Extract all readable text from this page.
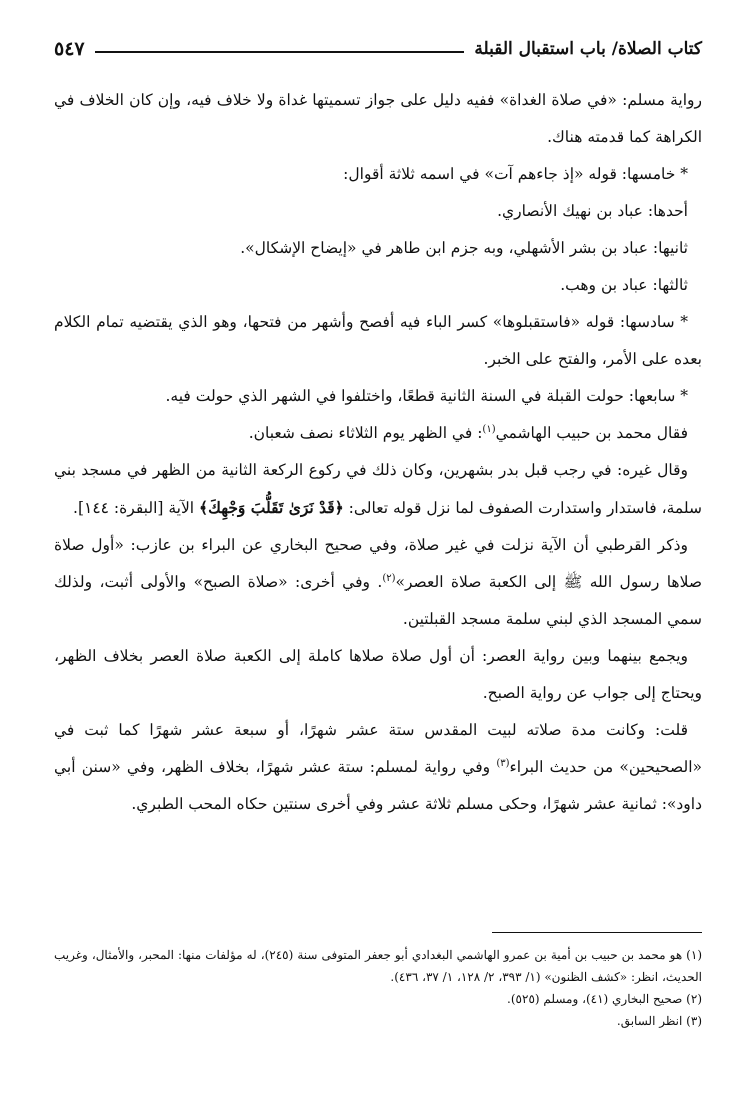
كتاب الصلاة/ باب استقبال القبلة
٥٤٧

رواية مسلم: «في صلاة الغداة» ففيه دليل على جواز تسميتها غداة ولا خلاف فيه، وإن كان الخلاف في الكراهة كما قدمته هناك.

* خامسها: قوله «إذ جاءهم آت» في اسمه ثلاثة أقوال:

أحدها: عباد بن نهيك الأنصاري.

ثانيها: عباد بن بشر الأشهلي، وبه جزم ابن طاهر في «إيضاح الإشكال».

ثالثها: عباد بن وهب.

* سادسها: قوله «فاستقبلوها» كسر الباء فيه أفصح وأشهر من فتحها، وهو الذي يقتضيه تمام الكلام بعده على الأمر، والفتح على الخبر.

* سابعها: حولت القبلة في السنة الثانية قطعًا، واختلفوا في الشهر الذي حولت فيه.

فقال محمد بن حبيب الهاشمي$^{(١)}$: في الظهر يوم الثلاثاء نصف شعبان.

وقال غيره: في رجب قبل بدر بشهرين، وكان ذلك في ركوع الركعة الثانية من الظهر في مسجد بني سلمة، فاستدار واستدارت الصفوف لما نزل قوله تعالى: ﴿قَدْ نَرَىٰ تَقَلُّبَ وَجْهِكَ﴾ الآية [البقرة: ١٤٤].

وذكر القرطبي أن الآية نزلت في غير صلاة، وفي صحيح البخاري عن البراء بن عازب: «أول صلاة صلاها رسول الله ﷺ إلى الكعبة صلاة العصر»$^{(٢)}$. وفي أخرى: «صلاة الصبح» والأولى أثبت، ولذلك سمي المسجد الذي لبني سلمة مسجد القبلتين.

ويجمع بينهما وبين رواية العصر: أن أول صلاة صلاها كاملة إلى الكعبة صلاة العصر بخلاف الظهر، ويحتاج إلى جواب عن رواية الصبح.

قلت: وكانت مدة صلاته لبيت المقدس ستة عشر شهرًا، أو سبعة عشر شهرًا كما ثبت في «الصحيحين» من حديث البراء$^{(٣)}$ وفي رواية لمسلم: ستة عشر شهرًا، بخلاف الظهر، وفي «سنن أبي داود»: ثمانية عشر شهرًا، وحكى مسلم ثلاثة عشر وفي أخرى سنتين حكاه المحب الطبري.

(١) هو محمد بن حبيب بن أمية بن عمرو الهاشمي البغدادي أبو جعفر المتوفى سنة (٢٤٥)، له مؤلفات منها: المحبر، والأمثال، وغريب الحديث، انظر: «كشف الظنون» (١/ ٣٩٣، ٢/ ١٢٨، ١/ ٣٧، ٤٣٦).

(٢) صحيح البخاري (٤١)، ومسلم (٥٢٥).

(٣) انظر السابق.
